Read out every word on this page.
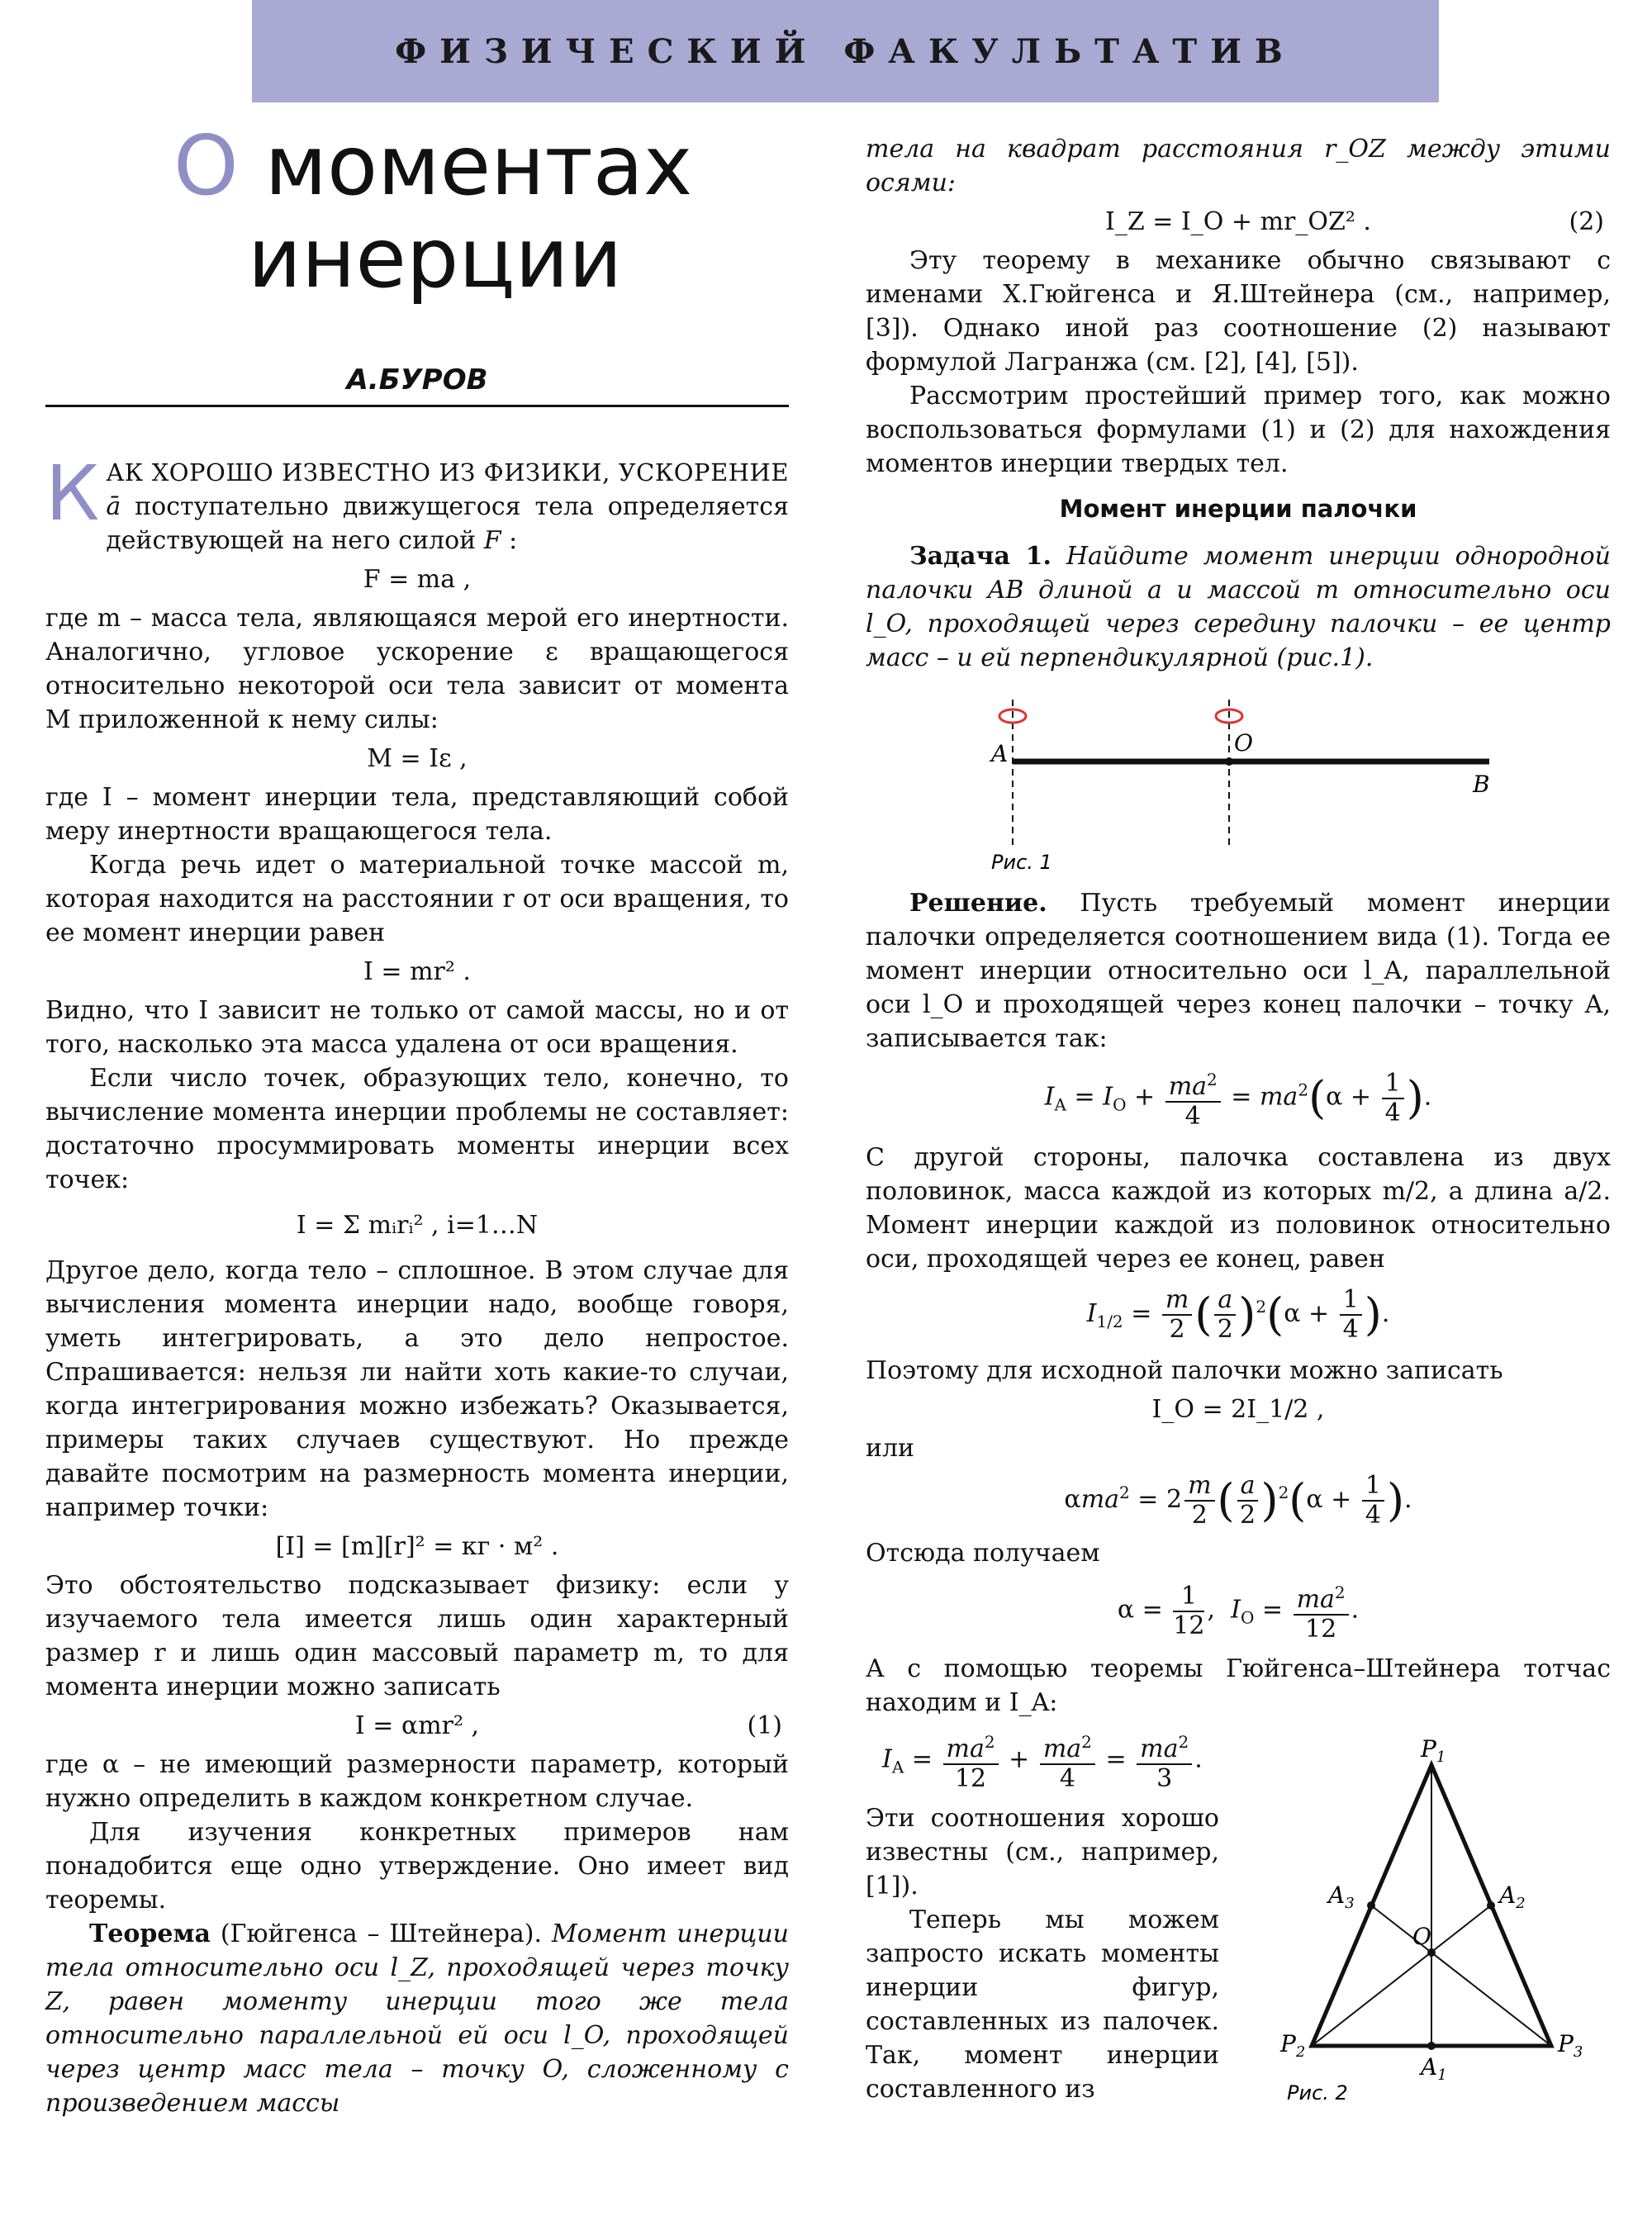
ФИЗИЧЕСКИЙ ФАКУЛЬТАТИВ
О моментах
инерции
А.БУРОВ

КАК ХОРОШО ИЗВЕСТНО ИЗ ФИЗИКИ, УСКОРЕНИЕ ā поступательно движущегося тела определяется действующей на него силой F :

F = ma ,

где m – масса тела, являющаяся мерой его инертности. Аналогично, угловое ускорение ε вращающегося относительно некоторой оси тела зависит от момента M приложенной к нему силы:

M = Iε ,

где I – момент инерции тела, представляющий собой меру инертности вращающегося тела.

Когда речь идет о материальной точке массой m, которая находится на расстоянии r от оси вращения, то ее момент инерции равен

I = mr² .

Видно, что I зависит не только от самой массы, но и от того, насколько эта масса удалена от оси вращения.

Если число точек, образующих тело, конечно, то вычисление момента инерции проблемы не составляет: достаточно просуммировать моменты инерции всех точек:

I = Σ mᵢrᵢ² , i=1…N

Другое дело, когда тело – сплошное. В этом случае для вычисления момента инерции надо, вообще говоря, уметь интегрировать, а это дело непростое. Спрашивается: нельзя ли найти хоть какие-то случаи, когда интегрирования можно избежать? Оказывается, примеры таких случаев существуют. Но прежде давайте посмотрим на размерность момента инерции, например точки:

[I] = [m][r]² = кг · м² .

Это обстоятельство подсказывает физику: если у изучаемого тела имеется лишь один характерный размер r и лишь один массовый параметр m, то для момента инерции можно записать

I = αmr² ,	(1)

где α – не имеющий размерности параметр, который нужно определить в каждом конкретном случае.

Для изучения конкретных примеров нам понадобится еще одно утверждение. Оно имеет вид теоремы.

Теорема (Гюйгенса – Штейнера). Момент инерции тела относительно оси l_Z, проходящей через точку Z, равен моменту инерции того же тела относительно параллельной ей оси l_O, проходящей через центр масс тела – точку O, сложенному с произведением массы

тела на квадрат расстояния r_OZ между этими осями:

I_Z = I_O + mr_OZ² .	(2)

Эту теорему в механике обычно связывают с именами Х.Гюйгенса и Я.Штейнера (см., например, [3]). Однако иной раз соотношение (2) называют формулой Лагранжа (см. [2], [4], [5]).

Рассмотрим простейший пример того, как можно воспользоваться формулами (1) и (2) для нахождения моментов инерции твердых тел.

Момент инерции палочки

Задача 1. Найдите момент инерции однородной палочки AB длиной a и массой m относительно оси l_O, проходящей через середину палочки – ее центр масс – и ей перпендикулярной (рис.1).

A	O
B
Рис. 1

Решение. Пусть требуемый момент инерции палочки определяется соотношением вида (1). Тогда ее момент инерции относительно оси l_A, параллельной оси l_O и проходящей через конец палочки – точку A, записывается так:

$I_A = I_O + \frac{ma^2}{4} = ma^2(\alpha + \frac{1}{4}$ ).

С другой стороны, палочка составлена из двух половинок, масса каждой из которых m/2, а длина a/2. Момент инерции каждой из половинок относительно оси, проходящей через ее конец, равен

$I_{1/2} = \frac{m}{2}$ ( $\frac{a}{2} )^2(\alpha + \frac{1}{4}$ ).

Поэтому для исходной палочки можно записать

I_O = 2I_1/2 ,

или

$\alpha ma^2 = 2 \frac{m}{2}$ ( $\frac{a}{2} )^2(\alpha + \frac{1}{4}$ ).

Отсюда получаем

$\alpha = \frac{1}{12}$ ,  $I_O = \frac{ma^2}{12}$ .

А с помощью теоремы Гюйгенса–Штейнера тотчас находим и I_A:

$I_A = \frac{ma^2}{12} + \frac{ma^2}{4} = \frac{ma^2}{3}$ .

Эти соотношения хорошо известны (см., например, [1]).

Теперь мы можем запросто искать моменты инерции фигур, составленных из палочек. Так, момент инерции составленного из

$P_1$
$P_2$	$P_3$
$A_1$
$A_2$
$A_3$
O
Рис. 2
